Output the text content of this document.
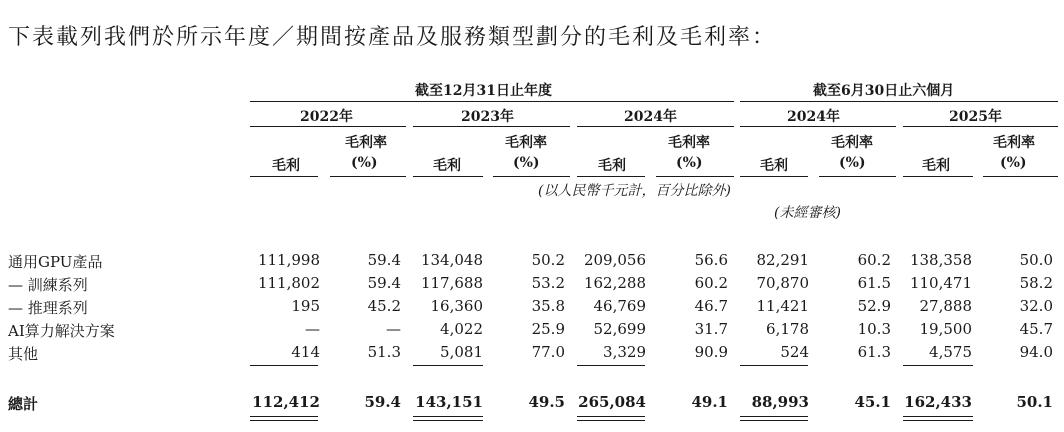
下表載列我們於所示年度／期間按產品及服務類型劃分的毛利及毛利率：
截至12月31日止年度	截至6月30日止六個月
2022年	2023年	2024年	2024年	2025年
毛利
毛利率
(%)	毛利
毛利率
(%)	毛利
毛利率
(%)	毛利
毛利率
(%)	毛利
毛利率
(%)
(以人民幣千元計，百分比除外)
(未經審核)
通用GPU產品	111,998	59.4 134,048	50.2 209,056	56.6 82,291	60.2 138,358	50.0
— 訓練系列	111,802	59.4 117,688	53.2 162,288	60.2 70,870	61.5 110,471	58.2
— 推理系列	195	45.2 16,360	35.8 46,769	46.7 11,421	52.9 27,888	32.0
AI算力解決方案	—	—	4,022	25.9 52,699	31.7	6,178	10.3 19,500	45.7
其他	414	51.3	5,081	77.0	3,329	90.9	524	61.3	4,575	94.0
總計	112,412	59.4 143,151	49.5 265,084	49.1 88,993	45.1 162,433	50.1
